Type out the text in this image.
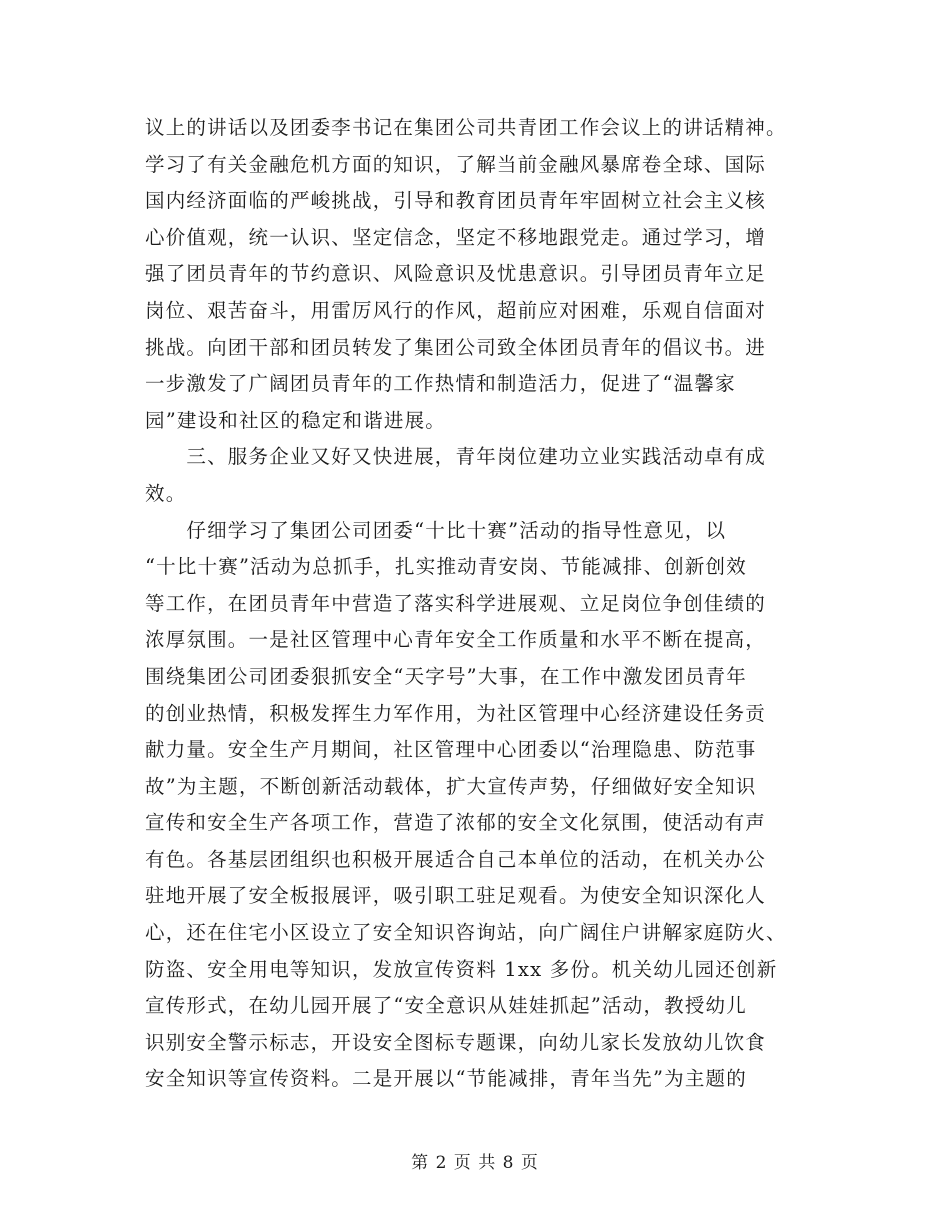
议上的讲话以及团委李书记在集团公司共青团工作会议上的讲话精神。
学习了有关金融危机方面的知识，了解当前金融风暴席卷全球、国际
国内经济面临的严峻挑战，引导和教育团员青年牢固树立社会主义核
心价值观，统一认识、坚定信念，坚定不移地跟党走。通过学习，增
强了团员青年的节约意识、风险意识及忧患意识。引导团员青年立足
岗位、艰苦奋斗，用雷厉风行的作风，超前应对困难，乐观自信面对
挑战。向团干部和团员转发了集团公司致全体团员青年的倡议书。进
一步激发了广阔团员青年的工作热情和制造活力，促进了“温馨家
园”建设和社区的稳定和谐进展。
　　三、服务企业又好又快进展，青年岗位建功立业实践活动卓有成
效。
　　仔细学习了集团公司团委“十比十赛”活动的指导性意见，以
“十比十赛”活动为总抓手，扎实推动青安岗、节能减排、创新创效
等工作，在团员青年中营造了落实科学进展观、立足岗位争创佳绩的
浓厚氛围。一是社区管理中心青年安全工作质量和水平不断在提高，
围绕集团公司团委狠抓安全“天字号”大事，在工作中激发团员青年
的创业热情，积极发挥生力军作用，为社区管理中心经济建设任务贡
献力量。安全生产月期间，社区管理中心团委以“治理隐患、防范事
故”为主题，不断创新活动载体，扩大宣传声势，仔细做好安全知识
宣传和安全生产各项工作，营造了浓郁的安全文化氛围，使活动有声
有色。各基层团组织也积极开展适合自己本单位的活动，在机关办公
驻地开展了安全板报展评，吸引职工驻足观看。为使安全知识深化人
心，还在住宅小区设立了安全知识咨询站，向广阔住户讲解家庭防火、
防盗、安全用电等知识，发放宣传资料 1xx 多份。机关幼儿园还创新
宣传形式，在幼儿园开展了“安全意识从娃娃抓起”活动，教授幼儿
识别安全警示标志，开设安全图标专题课，向幼儿家长发放幼儿饮食
安全知识等宣传资料。二是开展以“节能减排，青年当先”为主题的
第 2 页 共 8 页
